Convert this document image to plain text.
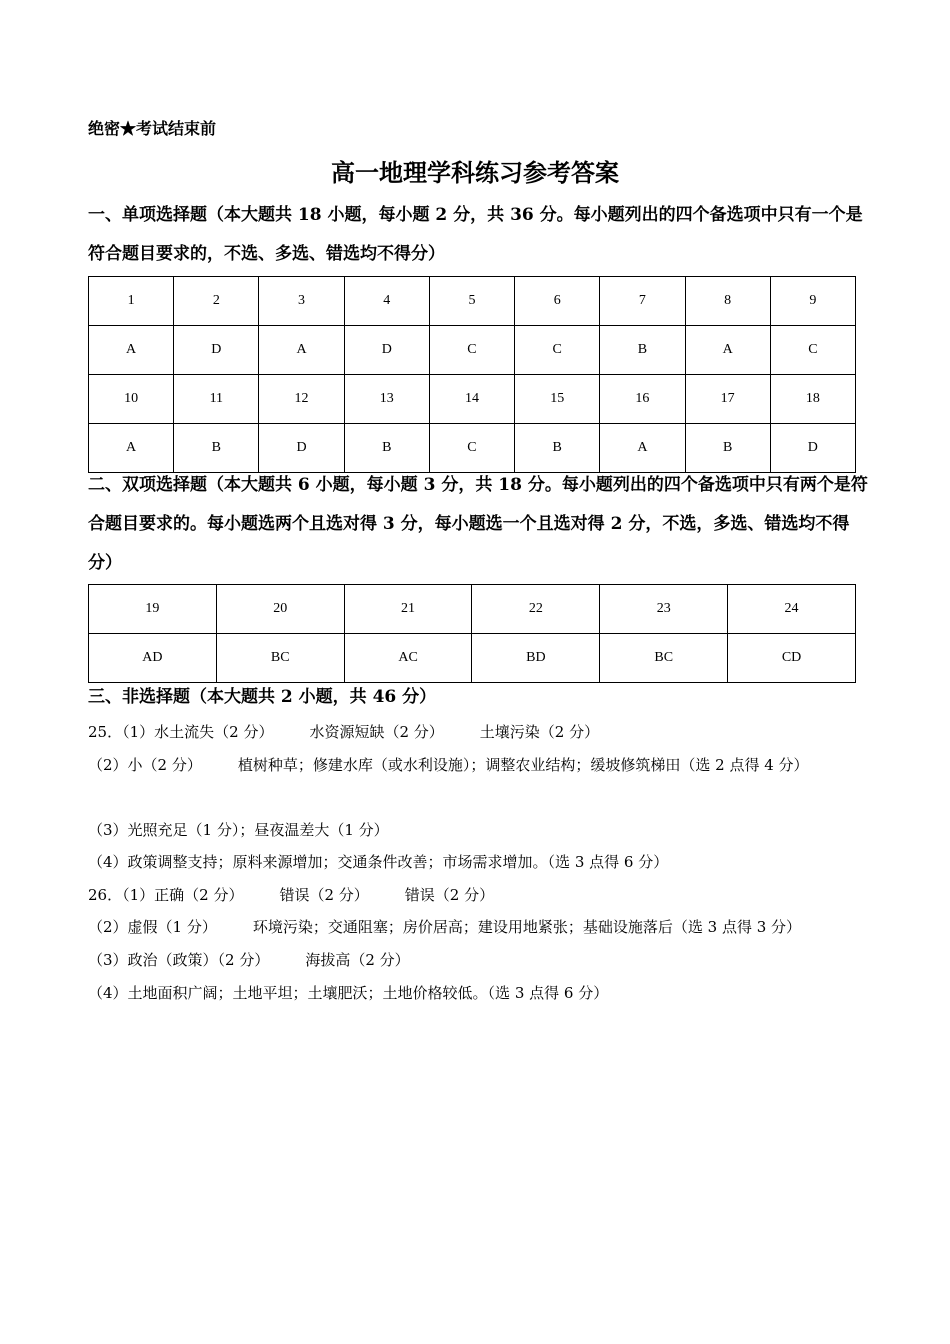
绝密★考试结束前
高一地理学科练习参考答案
一、单项选择题（本大题共 18 小题，每小题 2 分，共 36 分。每小题列出的四个备选项中只有一个是符合题目要求的，不选、多选、错选均不得分）
1	2	3	4	5	6	7	8	9
A	D	A	D	C	C	B	A	C
10	11	12	13	14	15	16	17	18
A	B	D	B	C	B	A	B	D
二、双项选择题（本大题共 6 小题，每小题 3 分，共 18 分。每小题列出的四个备选项中只有两个是符合题目要求的。每小题选两个且选对得 3 分，每小题选一个且选对得 2 分，不选，多选、错选均不得分）
19	20	21	22	23	24
AD	BC	AC	BD	BC	CD
三、非选择题（本大题共 2 小题，共 46 分）
25．（1）水土流失（2 分） 水资源短缺（2 分） 土壤污染（2 分）
（2）小（2 分） 植树种草；修建水库（或水利设施）；调整农业结构；缓坡修筑梯田（选 2 点得 4 分）
（3）光照充足（1 分）；昼夜温差大（1 分）
（4）政策调整支持；原料来源增加；交通条件改善；市场需求增加。（选 3 点得 6 分）
26．（1）正确（2 分） 错误（2 分） 错误（2 分）
（2）虚假（1 分） 环境污染；交通阻塞；房价居高；建设用地紧张；基础设施落后（选 3 点得 3 分）
（3）政治（政策）（2 分） 海拔高（2 分）
（4）土地面积广阔；土地平坦；土壤肥沃；土地价格较低。（选 3 点得 6 分）
